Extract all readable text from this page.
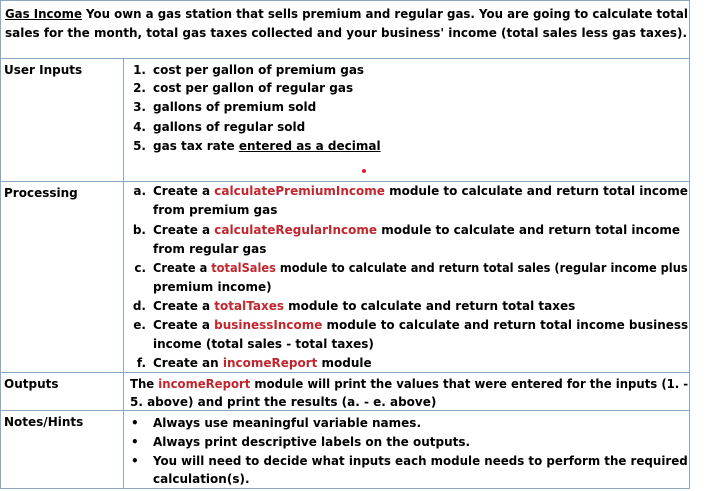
Gas Income You own a gas station that sells premium and regular gas. You are going to calculate total
sales for the month, total gas taxes collected and your business' income (total sales less gas taxes).
User Inputs	1. cost per gallon of premium gas
2. cost per gallon of regular gas
3. gallons of premium sold
4. gallons of regular sold
5. gas tax rate entered as a decimal
Processing	a. Create a calculatePremiumIncome module to calculate and return total income
from premium gas
b. Create a calculateRegularIncome module to calculate and return total income
from regular gas
c. Create a totalSales module to calculate and return total sales (regular income plus
premium income)
d. Create a totalTaxes module to calculate and return total taxes
e. Create a businessIncome module to calculate and return total income business
income (total sales - total taxes)
f. Create an incomeReport module
Outputs	The incomeReport module will print the values that were entered for the inputs (1. -
5. above) and print the results (a. - e. above)
Notes/Hints	• Always use meaningful variable names.
• Always print descriptive labels on the outputs.
• You will need to decide what inputs each module needs to perform the required
calculation(s).
